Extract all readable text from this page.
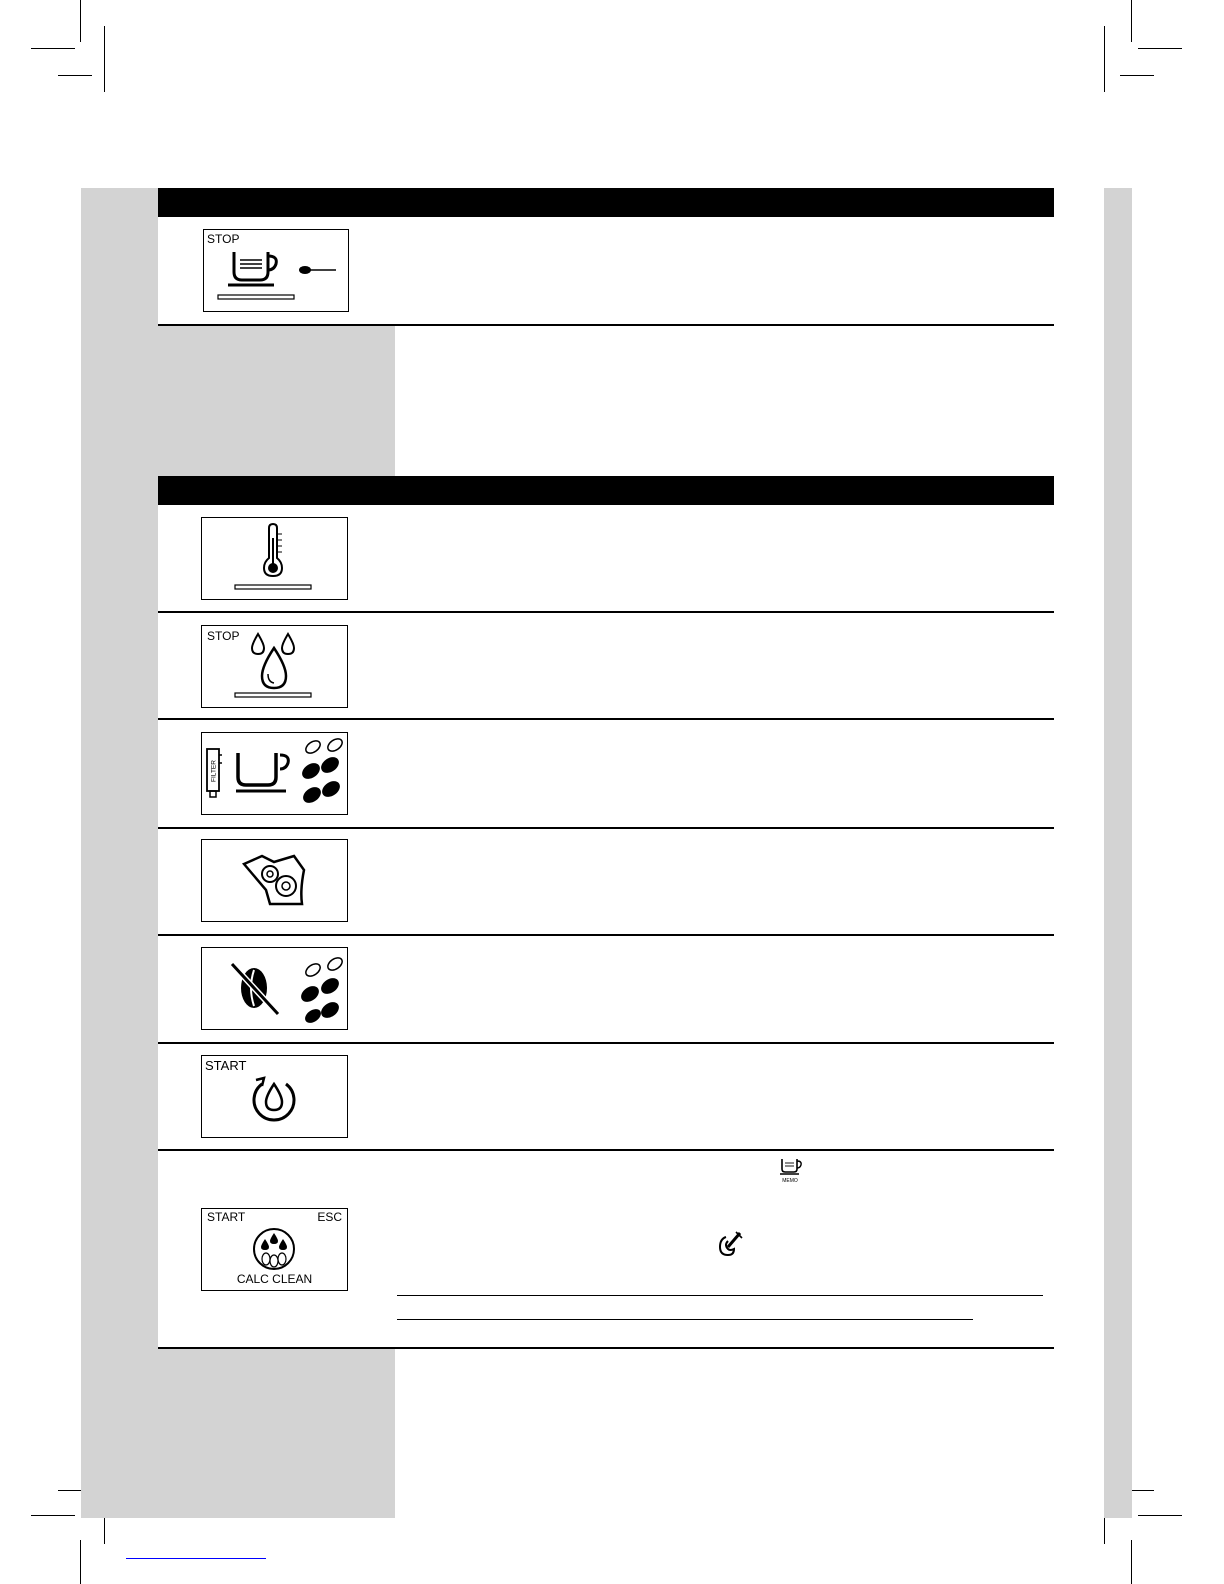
STOP
STOP
FILTER
START
START	ESC
CALC CLEAN
MEMO
